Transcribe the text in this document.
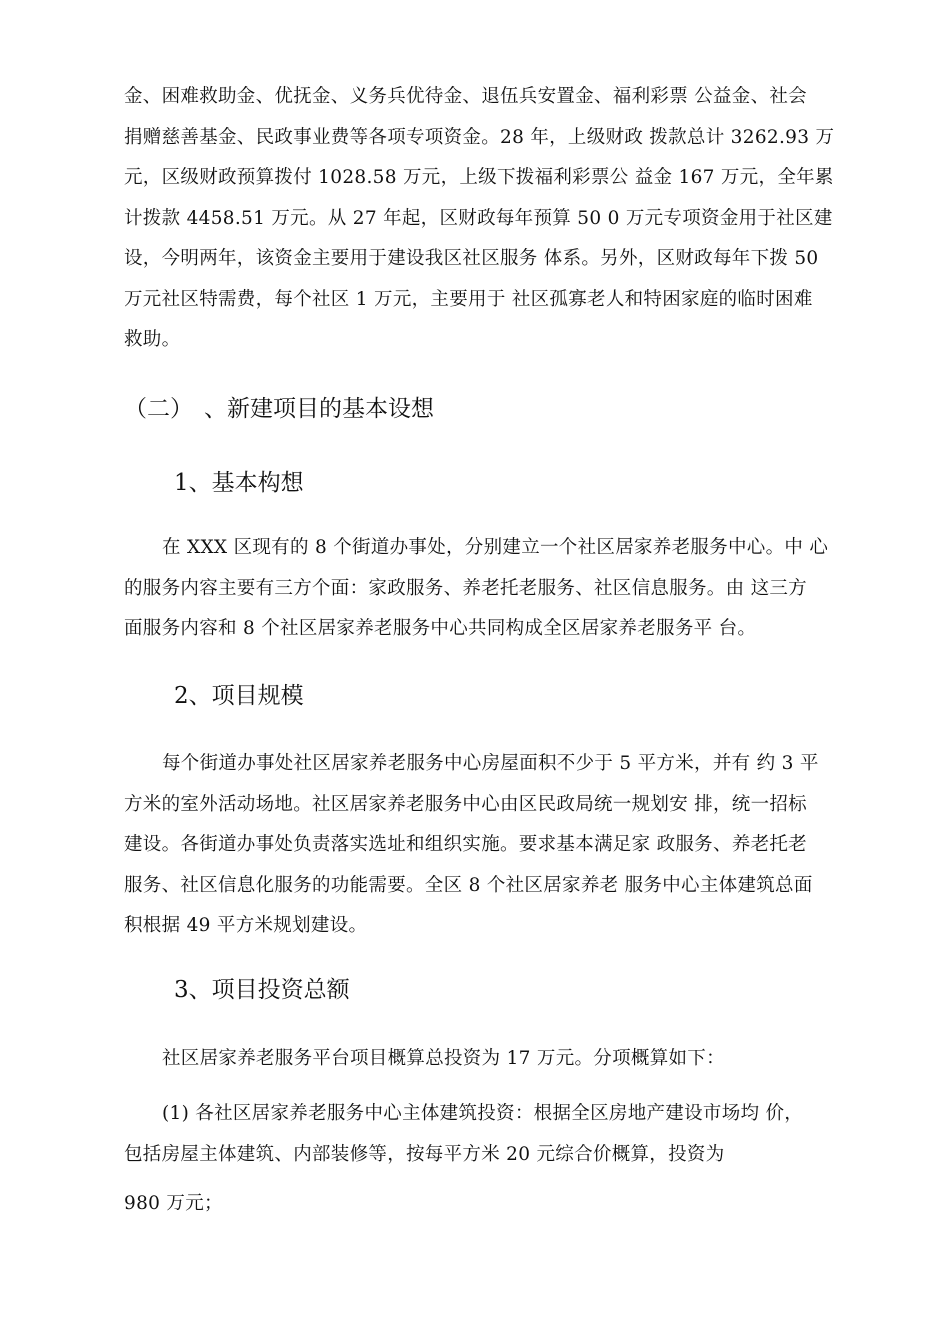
金、困难救助金、优抚金、义务兵优待金、退伍兵安置金、福利彩票 公益金、社会
捐赠慈善基金、民政事业费等各项专项资金。28 年，上级财政 拨款总计 3262.93 万
元，区级财政预算拨付 1028.58 万元，上级下拨福利彩票公 益金 167 万元，全年累
计拨款 4458.51 万元。从 27 年起，区财政每年预算 50 0 万元专项资金用于社区建
设，今明两年，该资金主要用于建设我区社区服务 体系。另外，区财政每年下拨 50
万元社区特需费，每个社区 1 万元，主要用于 社区孤寡老人和特困家庭的临时困难
救助。
（二） 、新建项目的基本设想
1、基本构想
在 XXX 区现有的 8 个街道办事处，分别建立一个社区居家养老服务中心。中 心
的服务内容主要有三方个面：家政服务、养老托老服务、社区信息服务。由 这三方
面服务内容和 8 个社区居家养老服务中心共同构成全区居家养老服务平 台。
2、项目规模
每个街道办事处社区居家养老服务中心房屋面积不少于 5 平方米，并有 约 3 平
方米的室外活动场地。社区居家养老服务中心由区民政局统一规划安 排，统一招标
建设。各街道办事处负责落实选址和组织实施。要求基本满足家 政服务、养老托老
服务、社区信息化服务的功能需要。全区 8 个社区居家养老 服务中心主体建筑总面
积根据 49 平方米规划建设。
3、项目投资总额

社区居家养老服务平台项目概算总投资为 17 万元。分项概算如下：

(1) 各社区居家养老服务中心主体建筑投资：根据全区房地产建设市场均 价，
包括房屋主体建筑、内部装修等，按每平方米 20 元综合价概算，投资为

980 万元；
